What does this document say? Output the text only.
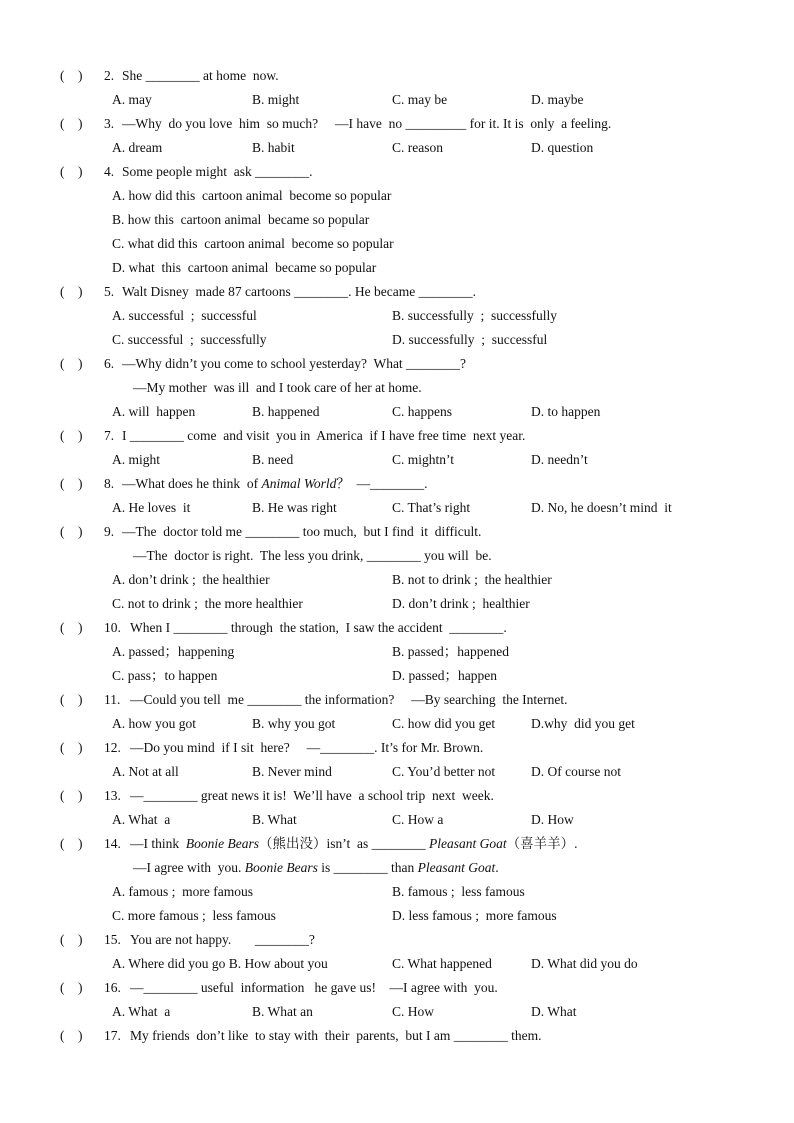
(    ) 2. She ________ at home  now.
A. may	B. might	C. may be	D. maybe
(    ) 3. —Why  do you love  him  so much?     —I have  no _________ for it. It is  only  a feeling.
A. dream	B. habit	C. reason	D. question
(    ) 4. Some people might  ask ________.
A. how did this  cartoon animal  become so popular
B. how this  cartoon animal  became so popular
C. what did this  cartoon animal  become so popular
D. what  this  cartoon animal  became so popular
(    ) 5. Walt Disney  made 87 cartoons ________. He became ________.
A. successful  ;  successful	B. successfully  ;  successfully
C. successful  ;  successfully	D. successfully  ;  successful
(    ) 6. —Why didn’t you come to school yesterday?  What ________?
—My mother  was ill  and I took care of her at home.
A. will  happen	B. happened	C. happens	D. to happen
(    ) 7. I ________ come  and visit  you in  America  if I have free time  next year.
A. might	B. need	C. mightn’t	D. needn’t
(    ) 8. —What does he think  of Animal World？  —________.
A. He loves  it	B. He was right	C. That’s right	D. No, he doesn’t mind  it
(    ) 9. —The  doctor told me ________ too much,  but I find  it  difficult.
—The  doctor is right.  The less you drink, ________ you will  be.
A. don’t drink ;  the healthier	B. not to drink ;  the healthier
C. not to drink ;  the more healthier	D. don’t drink ;  healthier
(    ) 10. When I ________ through  the station,  I saw the accident  ________.
A. passed；happening	B. passed；happened
C. pass；to happen	D. passed；happen
(    ) 11. —Could you tell  me ________ the information?     —By searching  the Internet.
A. how you got	B. why you got	C. how did you get	D.why  did you get
(    ) 12. —Do you mind  if I sit  here?     —________. It’s for Mr. Brown.
A. Not at all	B. Never mind	C. You’d better not	D. Of course not
(    ) 13. —________ great news it is!  We’ll have  a school trip  next  week.
A. What  a	B. What	C. How a	D. How
(    ) 14. —I think  Boonie Bears（熊出没）isn’t  as ________ Pleasant Goat（喜羊羊）.
—I agree with  you. Boonie Bears is ________ than Pleasant Goat.
A. famous ;  more famous	B. famous ;  less famous
C. more famous ;  less famous	D. less famous ;  more famous
(    ) 15. You are not happy.       ________?
A. Where did you go B. How about you	C. What happened	D. What did you do
(    ) 16. —________ useful  information   he gave us!    —I agree with  you.
A. What  a	B. What an	C. How	D. What
(    ) 17. My friends  don’t like  to stay with  their  parents,  but I am ________ them.
